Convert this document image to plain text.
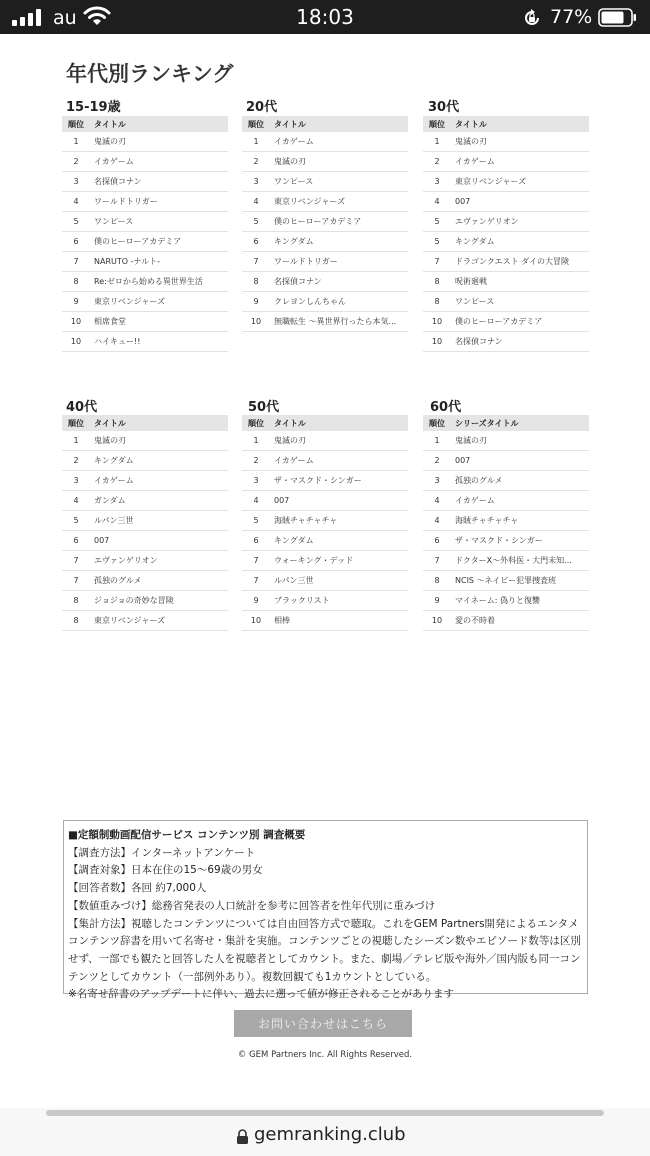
au	18:03	77%
年代別ランキング
15-19歳
順位	タイトル
1	鬼滅の刃
2	イカゲーム
3	名探偵コナン
4	ワールドトリガー
5	ワンピース
6	僕のヒーローアカデミア
7	NARUTO -ナルト-
8	Re:ゼロから始める異世界生活
9	東京リベンジャーズ
10	相席食堂
10	ハイキュー!!
20代
順位	タイトル
1	イカゲーム
2	鬼滅の刃
3	ワンピース
4	東京リベンジャーズ
5	僕のヒーローアカデミア
6	キングダム
7	ワールドトリガー
8	名探偵コナン
9	クレヨンしんちゃん
10	無職転生 ～異世界行ったら本気...
30代
順位	タイトル
1	鬼滅の刃
2	イカゲーム
3	東京リベンジャーズ
4	007
5	エヴァンゲリオン
5	キングダム
7	ドラゴンクエスト ダイの大冒険
8	呪術廻戦
8	ワンピース
10	僕のヒーローアカデミア
10	名探偵コナン
40代
順位	タイトル
1	鬼滅の刃
2	キングダム
3	イカゲーム
4	ガンダム
5	ルパン三世
6	007
7	エヴァンゲリオン
7	孤独のグルメ
8	ジョジョの奇妙な冒険
8	東京リベンジャーズ
50代
順位	タイトル
1	鬼滅の刃
2	イカゲーム
3	ザ・マスクド・シンガー
4	007
5	海賊チャチャチャ
6	キングダム
7	ウォーキング・デッド
7	ルパン三世
9	ブラックリスト
10	相棒
60代
順位	シリーズタイトル
1	鬼滅の刃
2	007
3	孤独のグルメ
4	イカゲーム
4	海賊チャチャチャ
6	ザ・マスクド・シンガー
7	ドクターX～外科医・大門未知...
8	NCIS ～ネイビー犯罪捜査班
9	マイネーム: 偽りと復讐
10	愛の不時着

■定額制動画配信サービス コンテンツ別 調査概要

【調査方法】インターネットアンケート

【調査対象】日本在住の15～69歳の男女

【回答者数】各回 約7,000人

【数値重みづけ】総務省発表の人口統計を参考に回答者を性年代別に重みづけ

【集計方法】視聴したコンテンツについては自由回答方式で聴取。これをGEM Partners開発によるエンタメコンテンツ辞書を用いて名寄せ・集計を実施。コンテンツごとの視聴したシーズン数やエピソード数等は区別せず、一部でも観たと回答した人を視聴者としてカウント。また、劇場／テレビ版や海外／国内版も同一コンテンツとしてカウント（一部例外あり）。複数回観ても1カウントとしている。

※名寄せ辞書のアップデートに伴い、過去に遡って値が修正されることがあります

お問い合わせはこちら
© GEM Partners Inc. All Rights Reserved.
gemranking.club
